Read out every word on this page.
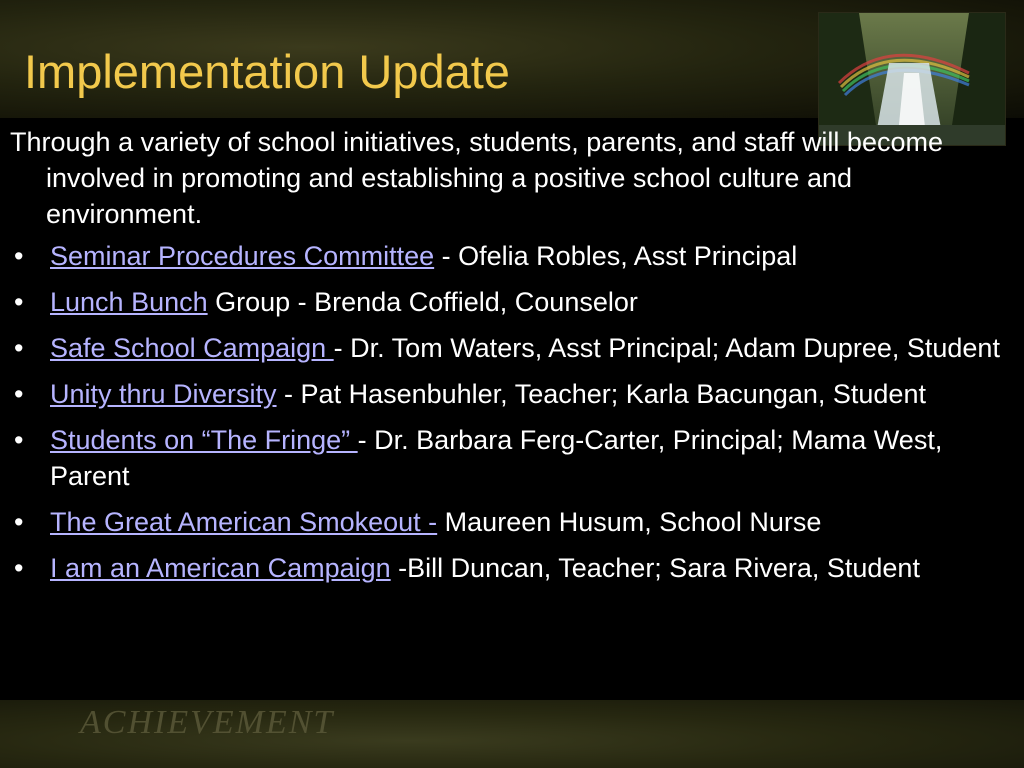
ACHIEVEMENT
Implementation Update

Through a variety of school initiatives, students, parents, and staff will become involved in promoting and establishing a positive school culture and environment.

• Seminar Procedures Committee - Ofelia Robles, Asst Principal
• Lunch Bunch Group - Brenda Coffield, Counselor
• Safe School Campaign - Dr. Tom Waters, Asst Principal; Adam Dupree, Student
• Unity thru Diversity - Pat Hasenbuhler, Teacher; Karla Bacungan, Student
• Students on “The Fringe” - Dr. Barbara Ferg-Carter, Principal; Mama West, Parent
• The Great American Smokeout - Maureen Husum, School Nurse
• I am an American Campaign -Bill Duncan, Teacher; Sara Rivera, Student
